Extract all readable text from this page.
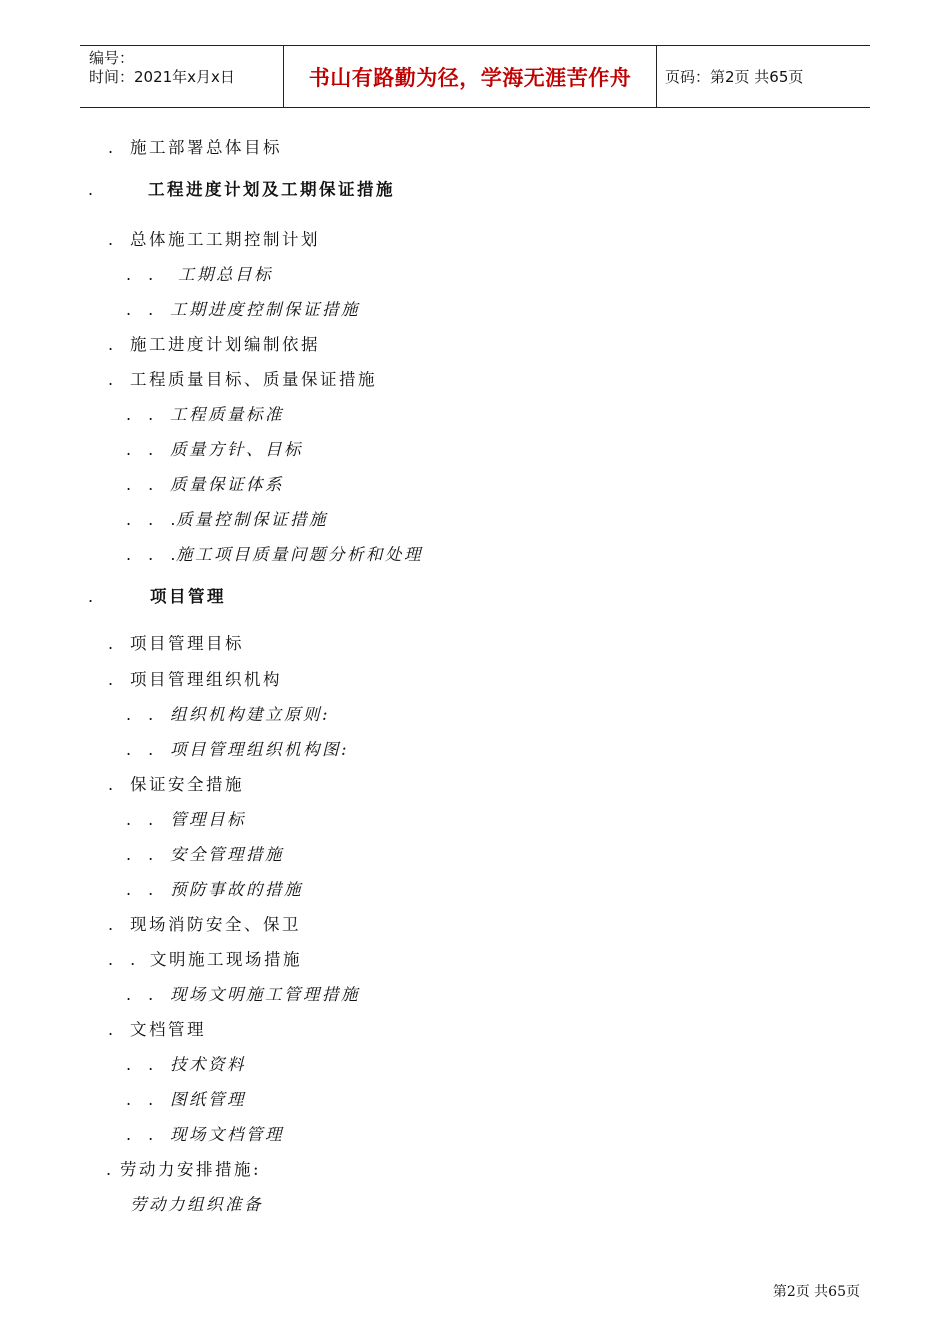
编号：
时间：2021年x月x日	书山有路勤为径，学海无涯苦作舟 页码：第2页 共65页
. 施工部署总体目标
.	工程进度计划及工期保证措施
. 总体施工工期控制计划
. . 工期总目标
. . 工期进度控制保证措施
. 施工进度计划编制依据
. 工程质量目标、质量保证措施
. . 工程质量标准
. . 质量方针、目标
. . 质量保证体系
. . .
质量控制保证措施
. . .
施工项目质量问题分析和处理
.	项目管理
. 项目管理目标
. 项目管理组织机构
. . 组织机构建立原则:
. . 项目管理组织机构图:
. 保证安全措施
. . 管理目标
. . 安全管理措施
. . 预防事故的措施
. 现场消防安全、保卫
. . 文明施工现场措施
. . 现场文明施工管理措施
. 文档管理
. . 技术资料
. . 图纸管理
. . 现场文档管理
. 劳动力安排措施:
劳动力组织准备
第2页 共65页
